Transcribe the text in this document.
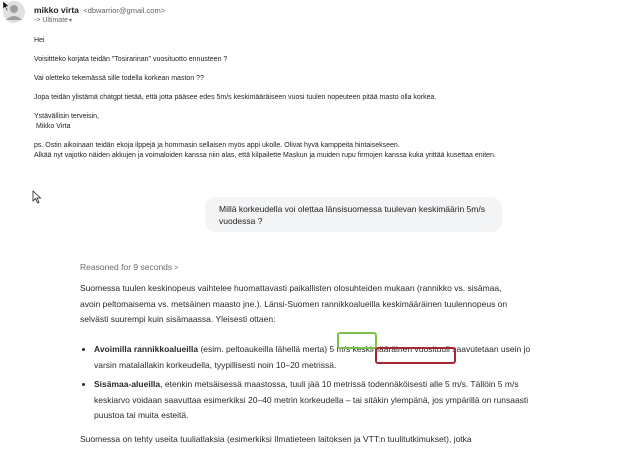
mikko virta <dbwarrior@gmail.com>
-> Ultimate▾

Hei

Voisittteko korjata teidän "Tosirarinan" vuosituotto ennusteen ?

Vai oletteko tekemässä sille todella korkean maston ??

Jopa teidän ylistämä chatgpt tietää, että jotta pääsee edes 5m/s keskimääräiseen vuosi tuulen nopeuteen pitää masto olla korkea.

Ystävällisin terveisin,

Mikko Virta

ps. Ostin aikoinaan teidän ekoja ilppejä ja hommasin sellaisen myös appi ukolle. Olivat hyvä kamppeita hintaisekseen.

Alkää nyt vajotko näiden akkujen ja voimaloiden kanssa niin alas, että kilpailette Maskun ja muiden rupu firmojen kanssa kuka yrittää kusettaa eniten.

Millä korkeudella voi olettaa länsisuomessa tuulevan keskimäärin 5m/s vuodessa ?
Reasoned for 9 seconds >

Suomessa tuulen keskinopeus vaihtelee huomattavasti paikallisten olosuhteiden mukaan (rannikko vs. sisämaa, avoin peltomaisema vs. metsäinen maasto jne.). Länsi-Suomen rannikkoalueilla keskimääräinen tuulennopeus on selvästi suurempi kuin sisämaassa. Yleisesti ottaen:

• Avoimilla rannikkoalueilla (esim. peltoaukeilla lähellä merta) 5 m/s keskimääräinen vuosituuli saavutetaan usein jo varsin matalallakin korkeudella, tyypillisesti noin 10–20 metrissä.
• Sisämaa-alueilla, etenkin metsäisessä maastossa, tuuli jää 10 metrissä todennäköisesti alle 5 m/s. Tällöin 5 m/s keskiarvo voidaan saavuttaa esimerkiksi 20–40 metrin korkeudella – tai sitäkin ylempänä, jos ympärillä on runsaasti puustoa tai muita esteitä.

Suomessa on tehty useita tuuliatlaksia (esimerkiksi Ilmatieteen laitoksen ja VTT:n tuulitutkimukset), jotka
